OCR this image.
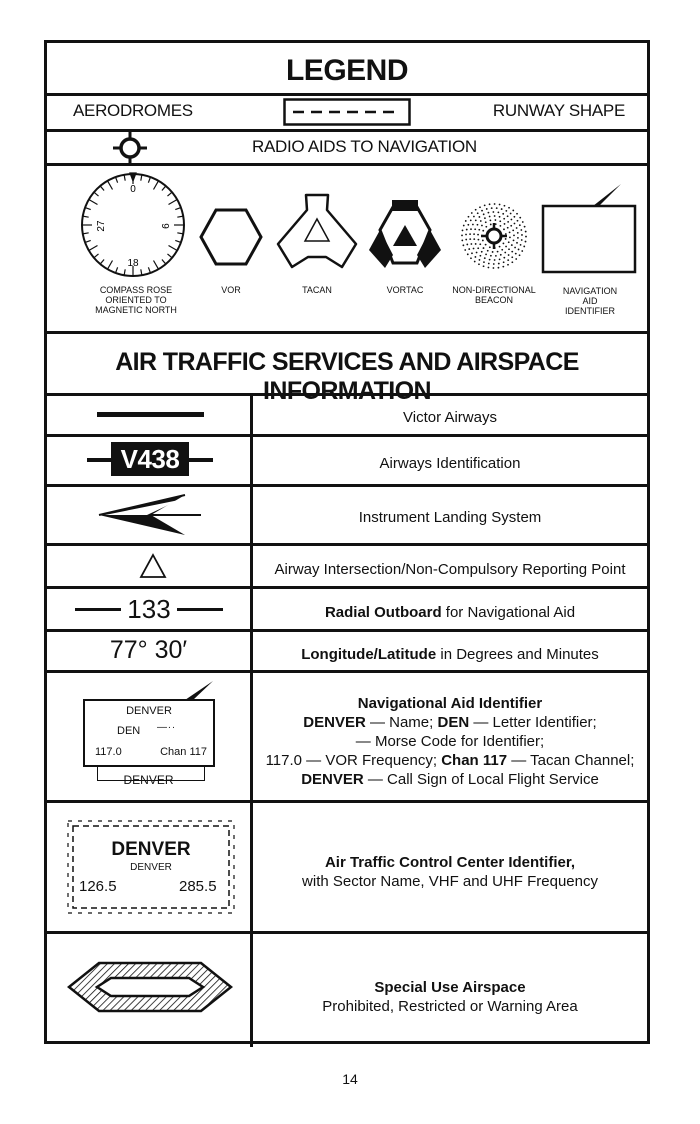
LEGEND
AERODROMES	RUNWAY SHAPE
RADIO AIDS TO NAVIGATION
0
9
18
27
COMPASS ROSE
ORIENTED TO
MAGNETIC NORTH
VOR	TACAN	VORTAC	NON-DIRECTIONAL
BEACON
NAVIGATION
AID
IDENTIFIER
AIR TRAFFIC SERVICES AND AIRSPACE INFORMATION
Victor Airways
V438	Airways Identification
Instrument Landing System
Airway Intersection/Non-Compulsory Reporting Point
133	Radial Outboard for Navigational Aid
77° 30′	Longitude/Latitude in Degrees and Minutes
DENVER
DEN — · ·
117.0	Chan 117
DENVER
Navigational Aid Identifier
DENVER — Name; DEN — Letter Identifier;
— Morse Code for Identifier;
117.0 — VOR Frequency; Chan 117 — Tacan Channel;
DENVER — Call Sign of Local Flight Service
DENVER
DENVER
126.5	285.5
Air Traffic Control Center Identifier,
with Sector Name, VHF and UHF Frequency
Special Use Airspace
Prohibited, Restricted or Warning Area
14
